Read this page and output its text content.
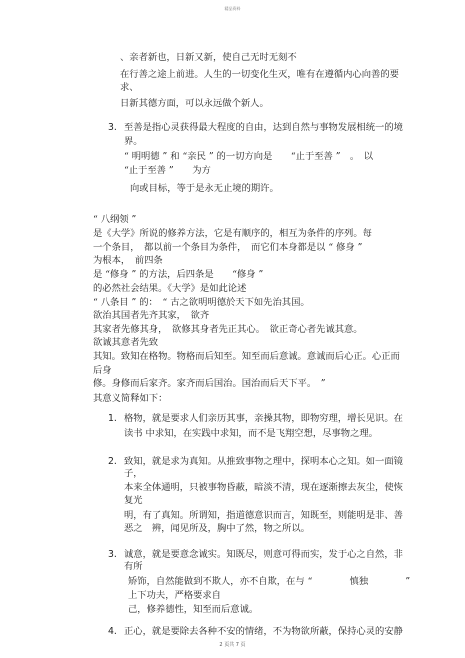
精品资料
、亲者新也，日新又新，使自己无时无刻不
在行善之途上前进。人生的一切变化生灭，唯有在遵循内心向善的要
求、
日新其德方面，可以永远做个新人。
3. 至善是指心灵获得最大程度的自由，达到自然与事物发展相统一的境
界。
“ 明明德 ” 和 “亲民 ” 的一切方向是　　“止于至善 ”　。　以
“止于至善 ”　　为方
向或目标，等于是永无止境的期许。
“ 八纲领 ”
是《大学》所说的修养方法，它是有顺序的，相互为条件的序列。每
一个条目，　都以前一个条目为条件，　而它们本身都是以 “ 修身 ”
为根本，　前四条
是 “修身 ” 的方法，后四条是　　“修身 ”
的必然社会结果。《大学》是如此论述
“ 八条目 ” 的：　“ 古之欲明明德於天下如先治其国。
欲治其国者先齐其家，　欲齐
其家者先修其身，　欲修其身者先正其心。　欲正奇心者先诚其意。
欲诚其意者先致
其知。致知在格物。物格而后知至。知至而后意诚。意诚而后心正。心正而
后身
修。身修而后家齐。家齐而后国治。国治而后天下平。　”
其意义简释如下：
1. 格物，就是要求人们亲历其事，亲操其物，即物穷理，增长见识。在
读书 中求知，在实践中求知，而不是飞翔空想，尽事物之理。
2. 致知，就是求为真知。从推致事物之理中，探明本心之知。如一面镜
子，
本来全体通明，只被事物昏蔽，暗淡不清，现在逐渐擦去灰尘，使恢
复光
明，有了真知。所谓知，指道德意识而言，知既至，则能明是非、善
恶之　辨，闻见所及，胸中了然，物之所以。
3. 诚意，就是要意念诚实。知既尽，则意可得而实，发于心之自然，非
有所
矫饰，自然能做到不欺人，亦不自欺，在与 “　　　　慎独　　　　”
上下功夫，严格要求自
己，修养德性，知至而后意诚。
4. 正心，就是要除去各种不安的情绪，不为物欲所蔽，保持心灵的安静
2 页共 7 页
